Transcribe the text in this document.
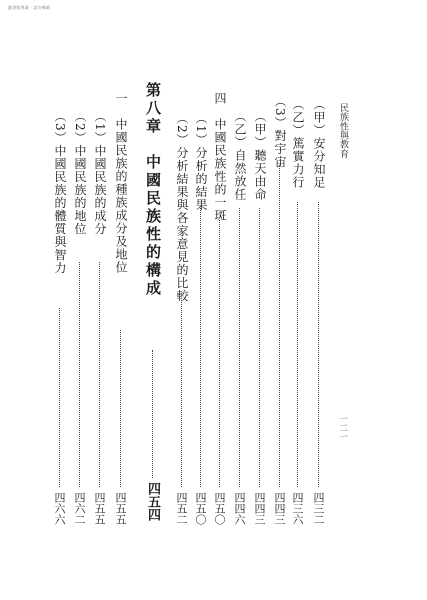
圖書館典藏 · 請勿轉載
民族性與教育
一二一
（甲）安分知足
四三二
（乙）篤實力行
四三六
（3）對宇宙
四四三
（甲）聽天由命
四四三
（乙）自然放任
四四六
四　中國民族性的一斑
四五〇
（1）分析的結果
四五〇
（2）分析結果與各家意見的比較
四五二
第八章　中國民族性的構成
四五四
一　中國民族的種族成分及地位
四五五
（1）中國民族的成分
四五五
（2）中國民族的地位
四六二
（3）中國民族的體質與智力
四六六
